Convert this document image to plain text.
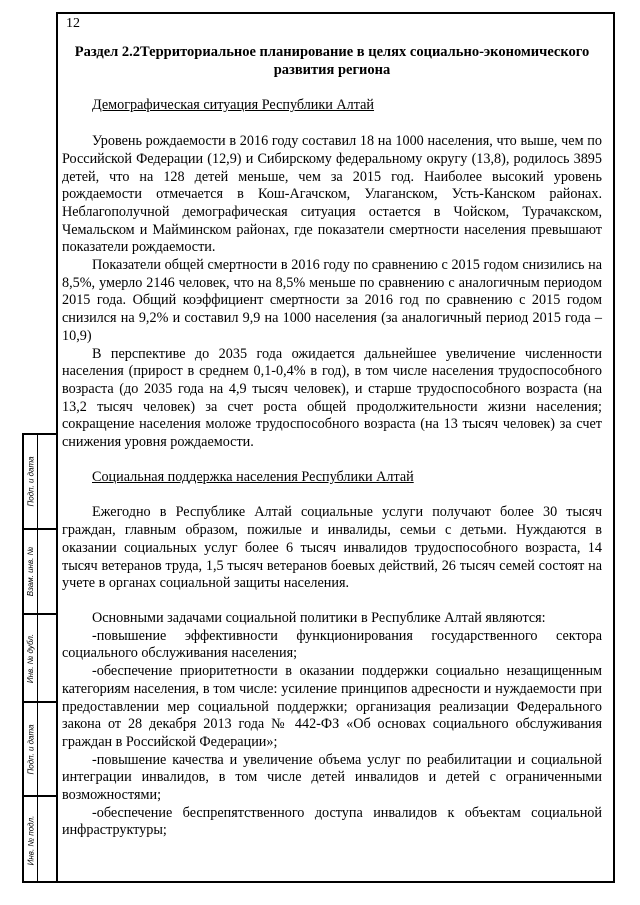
12
Подп. и дата
Взам. инв. №
Инв. № дубл.
Подп. и дата
Инв. № подл.
Раздел 2.2Территориальное планирование в целях социально-экономического развития региона
Демографическая ситуация Республики Алтай

Уровень рождаемости в 2016 году составил 18 на 1000 населения, что выше, чем по Российской Федерации (12,9) и Сибирскому федеральному округу (13,8), родилось 3895 детей, что на 128 детей меньше, чем за 2015 год. Наиболее высокий уровень рождаемости отмечается в Кош-Агачском, Улаганском, Усть-Канском районах. Неблагополучной демографическая ситуация остается в Чойском, Турачакском, Чемальском и Майминском районах, где показатели смертности населения превышают показатели рождаемости.

Показатели общей смертности в 2016 году по сравнению с 2015 годом снизились на 8,5%, умерло 2146 человек, что на 8,5% меньше по сравнению с аналогичным периодом 2015 года. Общий коэффициент смертности за 2016 год по сравнению с 2015 годом снизился на 9,2% и составил 9,9 на 1000 населения (за аналогичный период 2015 года – 10,9)

В перспективе до 2035 года ожидается дальнейшее увеличение численности населения (прирост в среднем 0,1-0,4% в год), в том числе населения трудоспособного возраста (до 2035 года на 4,9 тысяч человек), и старше трудоспособного возраста (на 13,2 тысяч человек) за счет роста общей продолжительности жизни населения; сокращение населения моложе трудоспособного возраста (на 13 тысяч человек) за счет снижения уровня рождаемости.

Социальная поддержка населения Республики Алтай

Ежегодно в Республике Алтай социальные услуги получают более 30 тысяч граждан, главным образом, пожилые и инвалиды, семьи с детьми. Нуждаются в оказании социальных услуг более 6 тысяч инвалидов трудоспособного возраста, 14 тысяч ветеранов труда, 1,5 тысяч ветеранов боевых действий, 26 тысяч семей состоят на учете в органах социальной защиты населения.

Основными задачами социальной политики в Республике Алтай являются:

-повышение эффективности функционирования государственного сектора социального обслуживания населения;

-обеспечение приоритетности в оказании поддержки социально незащищенным категориям населения, в том числе: усиление принципов адресности и нуждаемости при предоставлении мер социальной поддержки; организация реализации Федерального закона от 28 декабря 2013 года № 442-ФЗ «Об основах социального обслуживания граждан в Российской Федерации»;

-повышение качества и увеличение объема услуг по реабилитации и социальной интеграции инвалидов, в том числе детей инвалидов и детей с ограниченными возможностями;

-обеспечение беспрепятственного доступа инвалидов к объектам социальной инфраструктуры;
